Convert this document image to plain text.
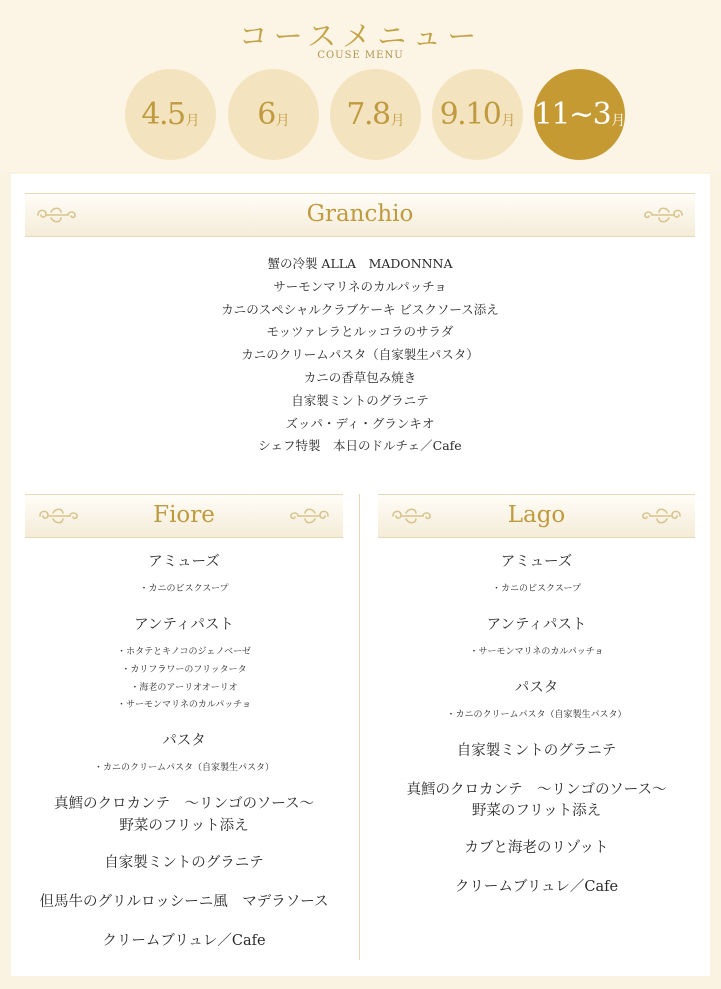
コースメニュー
COUSE MENU
4.5 月 6 月 7.8 月 9.10 月 11~3 月
Granchio
蟹の冷製 ALLA　MADONNNA
サーモンマリネのカルパッチョ
カニのスペシャルクラブケーキ ビスクソース添え
モッツァレラとルッコラのサラダ
カニのクリームパスタ（自家製生パスタ）
カニの香草包み焼き
自家製ミントのグラニテ
ズッパ・ディ・グランキオ
シェフ特製　本日のドルチェ／Cafe
Fiore	Lago
アミューズ
・カニのビスクスープ
アンティパスト
・ホタテとキノコのジェノベーゼ
・カリフラワーのフリッタータ
・海老のアーリオオーリオ
・サーモンマリネのカルパッチョ
パスタ
・カニのクリームパスタ（自家製生パスタ）
真鱈のクロカンテ　～リンゴのソース～
野菜のフリット添え
自家製ミントのグラニテ
但馬牛のグリルロッシーニ風　マデラソース
クリームブリュレ／Cafe
アミューズ
・カニのビスクスープ
アンティパスト
・サーモンマリネのカルパッチョ
パスタ
・カニのクリームパスタ（自家製生パスタ）
自家製ミントのグラニテ
真鱈のクロカンテ　～リンゴのソース～
野菜のフリット添え
カブと海老のリゾット
クリームブリュレ／Cafe
